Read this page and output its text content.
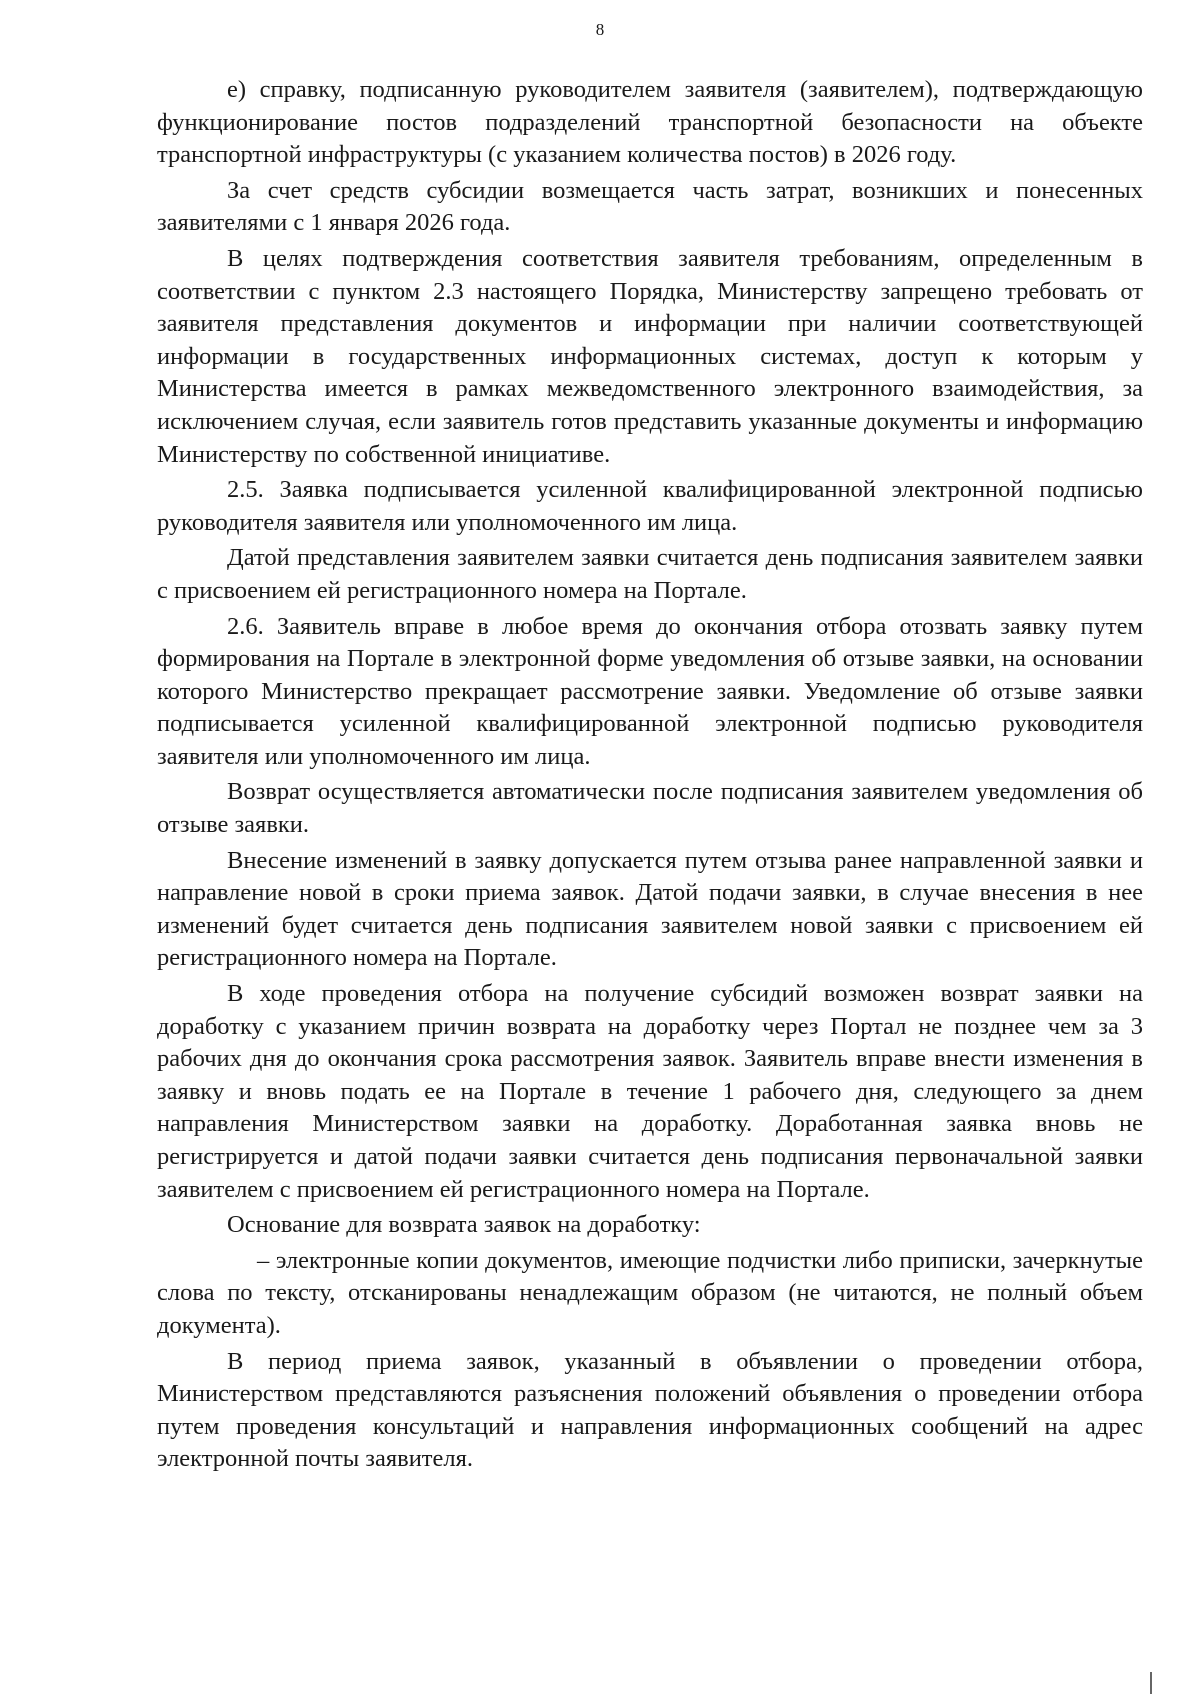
8

е) справку, подписанную руководителем заявителя (заявителем), подтверждающую функционирование постов подразделений транспортной безопасности на объекте транспортной инфраструктуры (с указанием количества постов) в 2026 году.

За счет средств субсидии возмещается часть затрат, возникших и понесенных заявителями с 1 января 2026 года.

В целях подтверждения соответствия заявителя требованиям, определенным в соответствии с пунктом 2.3 настоящего Порядка, Министерству запрещено требовать от заявителя представления документов и информации при наличии соответствующей информации в государственных информационных системах, доступ к которым у Министерства имеется в рамках межведомственного электронного взаимодействия, за исключением случая, если заявитель готов представить указанные документы и информацию Министерству по собственной инициативе.

2.5. Заявка подписывается усиленной квалифицированной электронной подписью руководителя заявителя или уполномоченного им лица.

Датой представления заявителем заявки считается день подписания заявителем заявки с присвоением ей регистрационного номера на Портале.

2.6. Заявитель вправе в любое время до окончания отбора отозвать заявку путем формирования на Портале в электронной форме уведомления об отзыве заявки, на основании которого Министерство прекращает рассмотрение заявки. Уведомление об отзыве заявки подписывается усиленной квалифицированной электронной подписью руководителя заявителя или уполномоченного им лица.

Возврат осуществляется автоматически после подписания заявителем уведомления об отзыве заявки.

Внесение изменений в заявку допускается путем отзыва ранее направленной заявки и направление новой в сроки приема заявок. Датой подачи заявки, в случае внесения в нее изменений будет считается день подписания заявителем новой заявки с присвоением ей регистрационного номера на Портале.

В ходе проведения отбора на получение субсидий возможен возврат заявки на доработку с указанием причин возврата на доработку через Портал не позднее чем за 3 рабочих дня до окончания срока рассмотрения заявок. Заявитель вправе внести изменения в заявку и вновь подать ее на Портале в течение 1 рабочего дня, следующего за днем направления Министерством заявки на доработку. Доработанная заявка вновь не регистрируется и датой подачи заявки считается день подписания первоначальной заявки заявителем с присвоением ей регистрационного номера на Портале.

Основание для возврата заявок на доработку:

– электронные копии документов, имеющие подчистки либо приписки, зачеркнутые слова по тексту, отсканированы ненадлежащим образом (не читаются, не полный объем документа).

В период приема заявок, указанный в объявлении о проведении отбора, Министерством представляются разъяснения положений объявления о проведении отбора путем проведения консультаций и направления информационных сообщений на адрес электронной почты заявителя.
